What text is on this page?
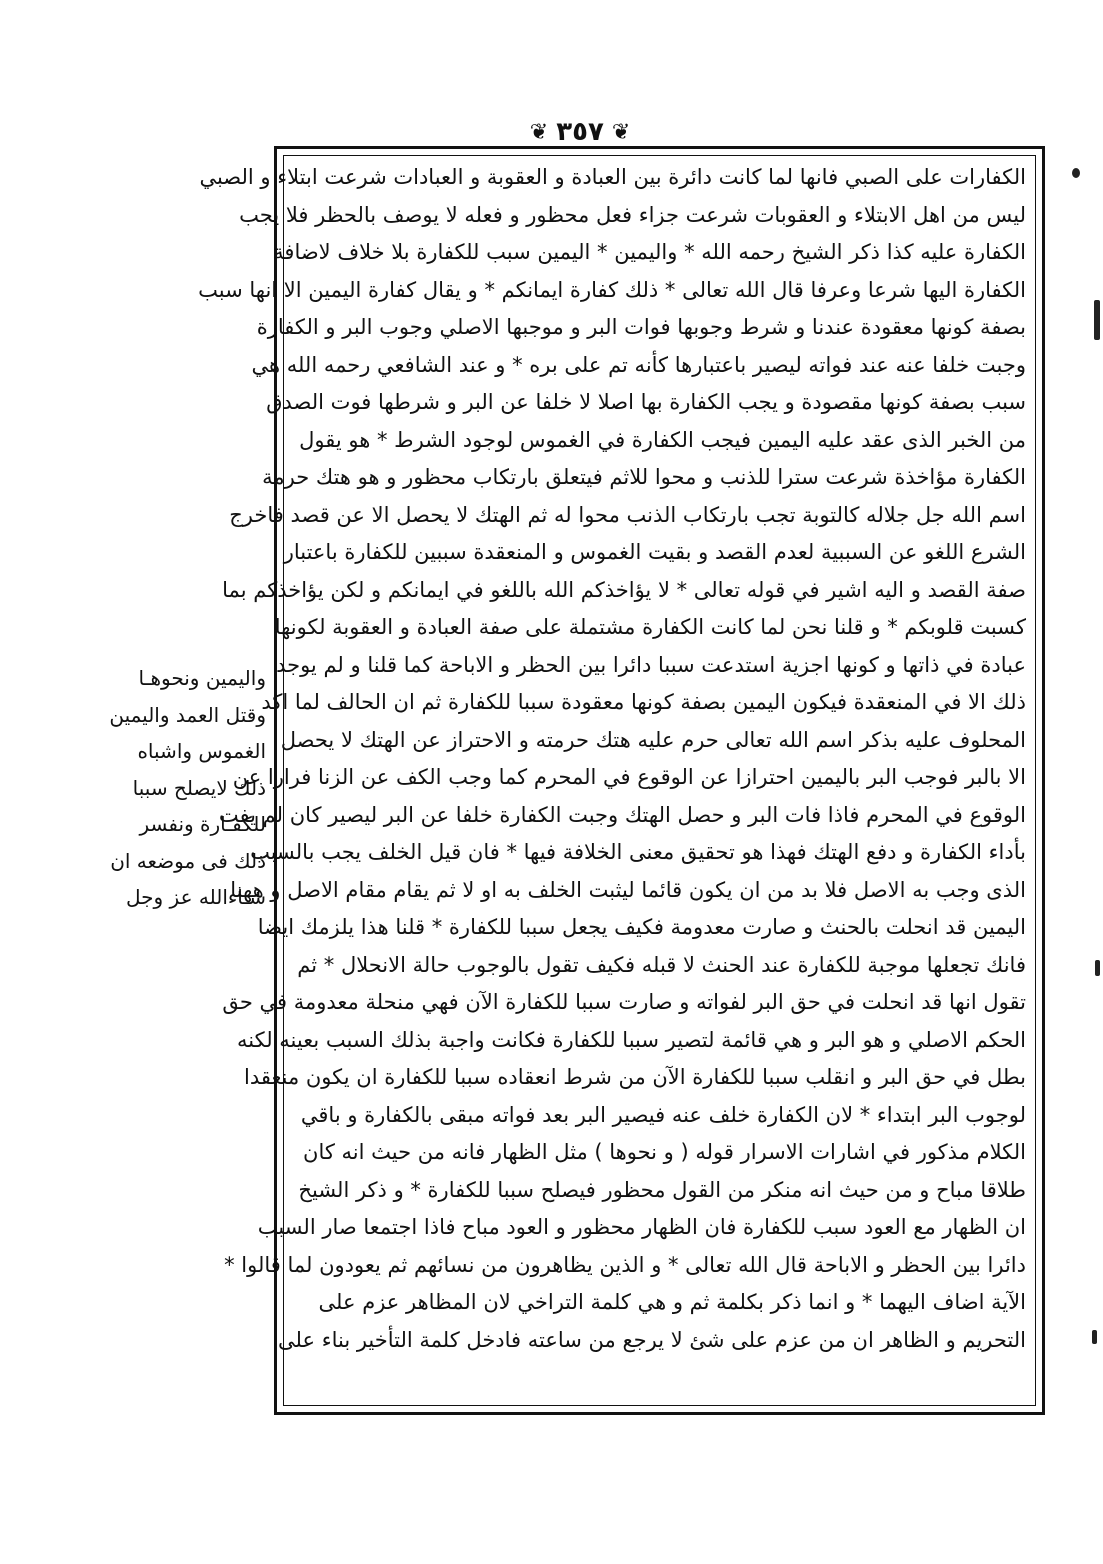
❦
٣٥٧
❦
الكفارات على الصبي فانها لما كانت دائرة بين العبادة و العقوبة و العبادات شرعت ابتلاء و الصبي
ليس من اهل الابتلاء و العقوبات شرعت جزاء فعل محظور و فعله لا يوصف بالحظر فلا يجب
الكفارة عليه كذا ذكر الشيخ رحمه الله * واليمين * اليمين سبب للكفارة بلا خلاف لاضافة
الكفارة اليها شرعا وعرفا قال الله تعالى * ذلك كفارة ايمانكم * و يقال كفارة اليمين الا انها سبب
بصفة كونها معقودة عندنا و شرط وجوبها فوات البر و موجبها الاصلي وجوب البر و الكفارة
وجبت خلفا عنه عند فواته ليصير باعتبارها كأنه تم على بره * و عند الشافعي رحمه الله هي
سبب بصفة كونها مقصودة و يجب الكفارة بها اصلا لا خلفا عن البر و شرطها فوت الصدق
من الخبر الذى عقد عليه اليمين فيجب الكفارة في الغموس لوجود الشرط * هو يقول
الكفارة مؤاخذة شرعت سترا للذنب و محوا للاثم فيتعلق بارتكاب محظور و هو هتك حرمة
اسم الله جل جلاله كالتوبة تجب بارتكاب الذنب محوا له ثم الهتك لا يحصل الا عن قصد فاخرج
الشرع اللغو عن السببية لعدم القصد و بقيت الغموس و المنعقدة سببين للكفارة باعتبار
صفة القصد و اليه اشير في قوله تعالى * لا يؤاخذكم الله باللغو في ايمانكم و لكن يؤاخذكم بما
كسبت قلوبكم * و قلنا نحن لما كانت الكفارة مشتملة على صفة العبادة و العقوبة لكونها
عبادة في ذاتها و كونها اجزية استدعت سببا دائرا بين الحظر و الاباحة كما قلنا و لم يوجد
ذلك الا في المنعقدة فيكون اليمين بصفة كونها معقودة سببا للكفارة ثم ان الحالف لما اكد
المحلوف عليه بذكر اسم الله تعالى حرم عليه هتك حرمته و الاحتراز عن الهتك لا يحصل
الا بالبر فوجب البر باليمين احترازا عن الوقوع في المحرم كما وجب الكف عن الزنا فرارا عن
الوقوع في المحرم فاذا فات البر و حصل الهتك وجبت الكفارة خلفا عن البر ليصير كان لم يفت
بأداء الكفارة و دفع الهتك فهذا هو تحقيق معنى الخلافة فيها * فان قيل الخلف يجب بالسبب
الذى وجب به الاصل فلا بد من ان يكون قائما ليثبت الخلف به او لا ثم يقام مقام الاصل و ههنا
اليمين قد انحلت بالحنث و صارت معدومة فكيف يجعل سببا للكفارة * قلنا هذا يلزمك ايضا
فانك تجعلها موجبة للكفارة عند الحنث لا قبله فكيف تقول بالوجوب حالة الانحلال * ثم
تقول انها قد انحلت في حق البر لفواته و صارت سببا للكفارة الآن فهي منحلة معدومة في حق
الحكم الاصلي و هو البر و هي قائمة لتصير سببا للكفارة فكانت واجبة بذلك السبب بعينه لكنه
بطل في حق البر و انقلب سببا للكفارة الآن من شرط انعقاده سببا للكفارة ان يكون منعقدا
لوجوب البر ابتداء * لان الكفارة خلف عنه فيصير البر بعد فواته مبقى بالكفارة و باقي
الكلام مذكور في اشارات الاسرار قوله ( و نحوها ) مثل الظهار فانه من حيث انه كان
طلاقا مباح و من حيث انه منكر من القول محظور فيصلح سببا للكفارة * و ذكر الشيخ
ان الظهار مع العود سبب للكفارة فان الظهار محظور و العود مباح فاذا اجتمعا صار السبب
دائرا بين الحظر و الاباحة قال الله تعالى * و الذين يظاهرون من نسائهم ثم يعودون لما قالوا *
الآية اضاف اليهما * و انما ذكر بكلمة ثم و هي كلمة التراخي لان المظاهر عزم على
التحريم و الظاهر ان من عزم على شئ لا يرجع من ساعته فادخل كلمة التأخير بناء على
واليمين ونحوهـا
وقتل العمد واليمين
الغموس واشباه
ذلك لايصلح سببا
للكفـارة ونفسر
ذلك فى موضعه ان
شـاءالله عز وجل
